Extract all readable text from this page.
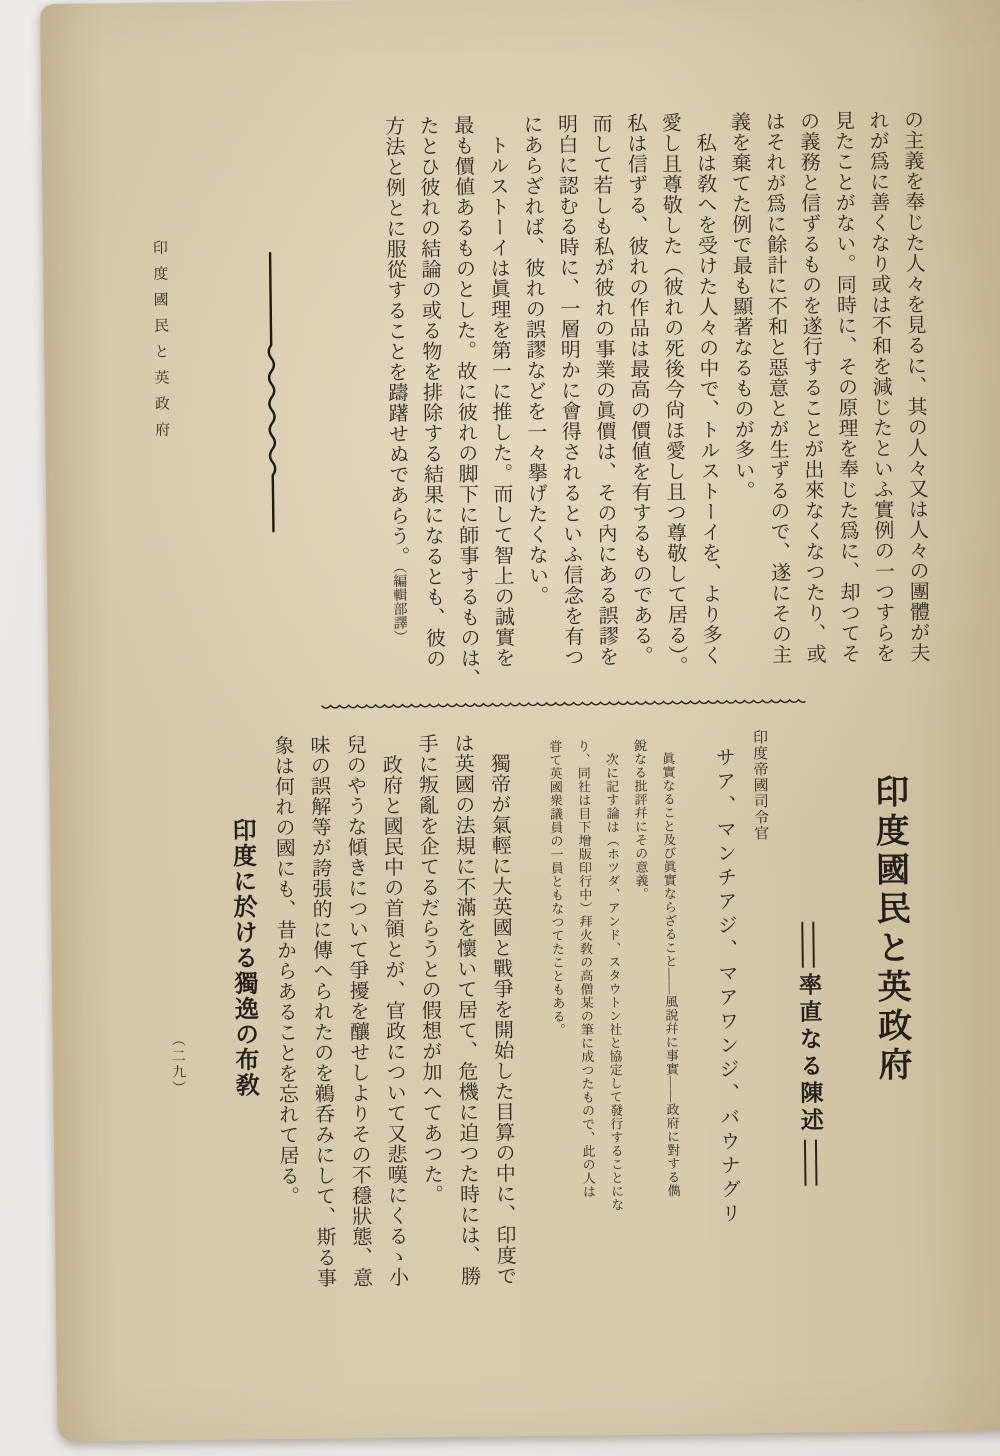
印度國民と英政府	の主義を奉じた人々を見るに、其の人々又は人々の團體が夫

れが爲に善くなり或は不和を減じたといふ實例の一つすらを

見たことがない。同時に、その原理を奉じた爲に、却つてそ

の義務と信ずるものを遂行することが出來なくなつたり、或

はそれが爲に餘計に不和と惡意とが生ずるので、遂にその主

義を棄てた例で最も顯著なるものが多い。

　私は敎へを受けた人々の中で、トルストーイを、より多く

愛し且尊敬した（彼れの死後今尙ほ愛し且つ尊敬して居る）。

私は信ずる、彼れの作品は最高の價値を有するものである。

而して若しも私が彼れの事業の眞價は、その內にある誤謬を

明白に認むる時に、一層明かに會得されるといふ信念を有つ

にあらざれば、彼れの誤謬などを一々擧げたくない。

　トルストーイは眞理を第一に推した。而して智上の誠實を

最も價値あるものとした。故に彼れの脚下に師事するものは、

たとひ彼れの結論の或る物を排除する結果になるとも、彼の

方法と例とに服從することを躊躇せぬであらう。（編輯部譯）

印度國民と英政府
率直なる陳述
印度帝國司令官
サア、マンチアジ、マアワンジ、バウナグリ

　眞實なること及び眞實ならざること――風說幷に事實――政府に對する儁

銳なる批評幷にその意義。

　次に記す論は（ホツダ、アンド、スタウトン社と協定して發行することにな

り、同社は目下增版印行中）拜火敎の高僧某の筆に成つたもので、此の人は

甞て英國衆議員の一員ともなつてたこともある。

　獨帝が氣輕に大英國と戰爭を開始した目算の中に、印度で

は英國の法規に不滿を懷いて居て、危機に迫つた時には、勝

手に叛亂を企てるだらうとの假想が加へてあつた。

　政府と國民中の首領とが、官政について又悲嘆にくるゝ小

兒のやうな傾きについて爭擾を釀せしよりその不穩狀態、意

味の誤解等が誇張的に傳へられたのを鵜呑みにして、斯る事

象は何れの國にも、昔からあることを忘れて居る。

印度に於ける獨逸の布敎
（二九）
